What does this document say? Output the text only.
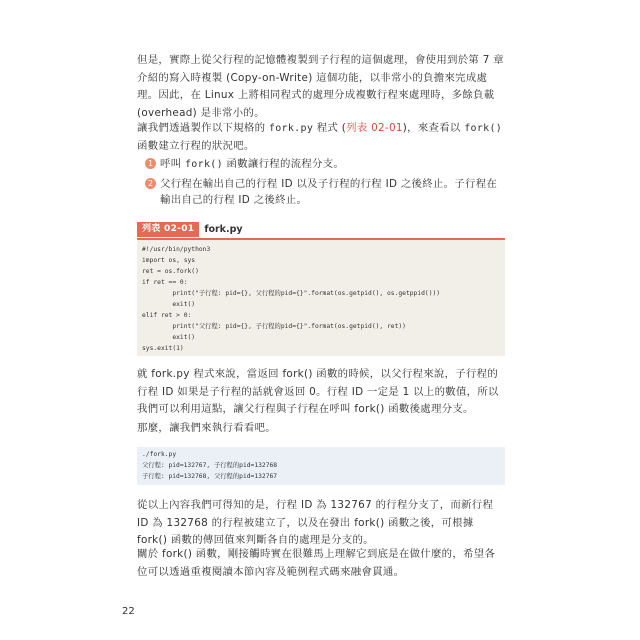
但是，實際上從父行程的記憶體複製到子行程的這個處理，會使用到於第 7 章介紹的寫入時複製 (Copy-on-Write) 這個功能，以非常小的負擔來完成處理。因此，在 Linux 上將相同程式的處理分成複數行程來處理時，多餘負載 (overhead) 是非常小的。

讓我們透過製作以下規格的 fork.py 程式 (列表 02-01)，來查看以 fork() 函數建立行程的狀況吧。

1 呼叫 fork() 函數讓行程的流程分支。
2 父行程在輸出自己的行程 ID 以及子行程的行程 ID 之後終止。子行程在輸出自己的行程 ID 之後終止。
列表 02-01	fork.py
#!/usr/bin/python3
import os, sys
ret = os.fork()
if ret == 0:
print("子行程: pid={}, 父行程的pid={}".format(os.getpid(), os.getppid()))
exit()
elif ret > 0:
print("父行程: pid={}, 子行程的pid={}".format(os.getpid(), ret))
exit()
sys.exit(1)

就 fork.py 程式來說，當返回 fork() 函數的時候，以父行程來說，子行程的行程 ID 如果是子行程的話就會返回 0。行程 ID 一定是 1 以上的數值，所以我們可以利用這點，讓父行程與子行程在呼叫 fork() 函數後處理分支。

那麼，讓我們來執行看看吧。

./fork.py
父行程: pid=132767, 子行程的pid=132768
子行程: pid=132768, 父行程的pid=132767

從以上內容我們可得知的是，行程 ID 為 132767 的行程分支了，而新行程 ID 為 132768 的行程被建立了，以及在發出 fork() 函數之後，可根據 fork() 函數的傳回值來判斷各自的處理是分支的。

關於 fork() 函數，剛接觸時實在很難馬上理解它到底是在做什麼的，希望各位可以透過重複閱讀本節內容及範例程式碼來融會貫通。

22
